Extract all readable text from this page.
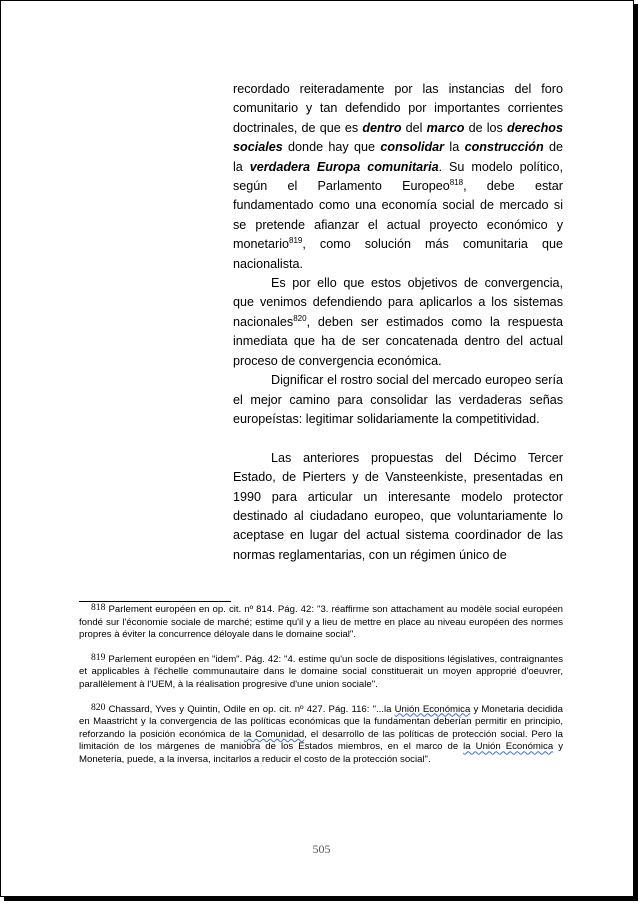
recordado reiteradamente por las instancias del foro comunitario y tan defendido por importantes corrientes doctrinales, de que es dentro del marco de los derechos sociales donde hay que consolidar la construcción de la verdadera Europa comunitaria. Su modelo político, según el Parlamento Europeo$^{818}$, debe estar fundamentado como una economía social de mercado si se pretende afianzar el actual proyecto económico y monetario$^{819}$, como solución más comunitaria que nacionalista.

Es por ello que estos objetivos de convergencia, que venimos defendiendo para aplicarlos a los sistemas nacionales$^{820}$, deben ser estimados como la respuesta inmediata que ha de ser concatenada dentro del actual proceso de convergencia económica.

Dignificar el rostro social del mercado europeo sería el mejor camino para consolidar las verdaderas señas europeístas: legitimar solidariamente la competitividad.

Las anteriores propuestas del Décimo Tercer Estado, de Pierters y de Vansteenkiste, presentadas en 1990 para articular un interesante modelo protector destinado al ciudadano europeo, que voluntariamente lo aceptase en lugar del actual sistema coordinador de las normas reglamentarias, con un régimen único de

818 Parlement européen en op. cit. nº 814. Pág. 42: "3. réaffirme son attachament au modèle social européen fondé sur l'économie sociale de marché; estime qu'il y a lieu de mettre en place au niveau européen des normes propres à éviter la concurrence déloyale dans le domaine social".

819 Parlement européen en "idem". Pág. 42: "4. estime qu'un socle de dispositions législatives, contraignantes et applicables à l'échelle communautaire dans le domaine social constituerait un moyen approprié d'oeuvrer, parallèlement à l'UEM, à la réalisation progresive d'une union sociale".

820 Chassard, Yves y Quintin, Odile en op. cit. nº 427. Pág. 116: "...la Unión Económica y Monetaria decidida en Maastricht y la convergencia de las políticas económicas que la fundamentan deberían permitir en principio, reforzando la posición económica de la Comunidad, el desarrollo de las políticas de protección social. Pero la limitación de los márgenes de maniobra de los Estados miembros, en el marco de la Unión Económica y Moneteria, puede, a la inversa, incitarlos a reducir el costo de la protección social".

505
